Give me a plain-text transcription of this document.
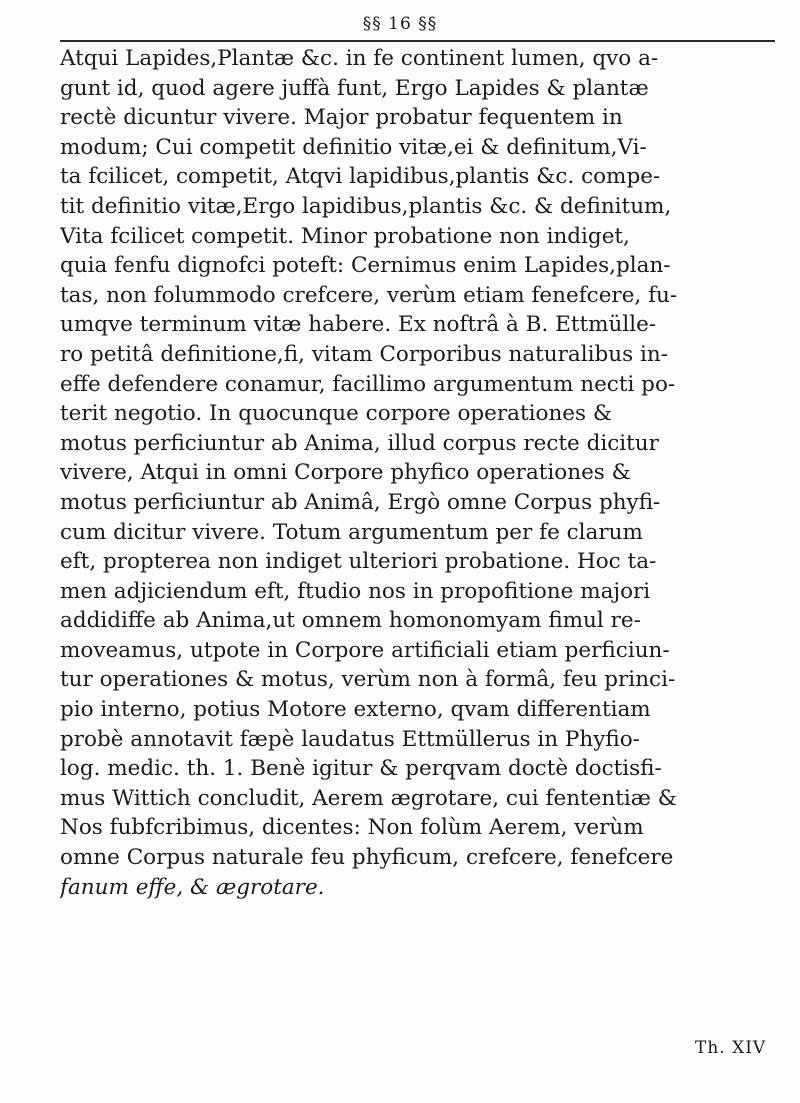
§§ 16 §§
Atqui Lapides,Plantæ &c. in fe continent lumen, qvo a-
gunt id, quod agere juffà funt, Ergo Lapides & plantæ
rectè dicuntur vivere. Major probatur fequentem in
modum; Cui competit definitio vitæ,ei & definitum,Vi-
ta fcilicet, competit, Atqvi lapidibus,plantis &c. compe-
tit definitio vitæ,Ergo lapidibus,plantis &c. & definitum,
Vita fcilicet competit. Minor probatione non indiget,
quia fenfu dignofci poteft: Cernimus enim Lapides,plan-
tas, non folummodo crefcere, verùm etiam fenefcere, fu-
umqve terminum vitæ habere. Ex noftrâ à B. Ettmülle-
ro petitâ definitione,fi, vitam Corporibus naturalibus in-
effe defendere conamur, facillimo argumentum necti po-
terit negotio. In quocunque corpore operationes &
motus perficiuntur ab Anima, illud corpus recte dicitur
vivere, Atqui in omni Corpore phyfico operationes &
motus perficiuntur ab Animâ, Ergò omne Corpus phyfi-
cum dicitur vivere. Totum argumentum per fe clarum
eft, propterea non indiget ulteriori probatione. Hoc ta-
men adjiciendum eft, ftudio nos in propofitione majori
addidiffe ab Anima,ut omnem homonomyam fimul re-
moveamus, utpote in Corpore artificiali etiam perficiun-
tur operationes & motus, verùm non à formâ, feu princi-
pio interno, potius Motore externo, qvam differentiam
probè annotavit fæpè laudatus Ettmüllerus in Phyfio-
log. medic. th. 1. Benè igitur & perqvam doctè doctisfi-
mus Wittich concludit, Aerem ægrotare, cui fententiæ &
Nos fubfcribimus, dicentes: Non folùm Aerem, verùm
omne Corpus naturale feu phyficum, crefcere, fenefcere
fanum effe, & ægrotare.
Th. XIV
